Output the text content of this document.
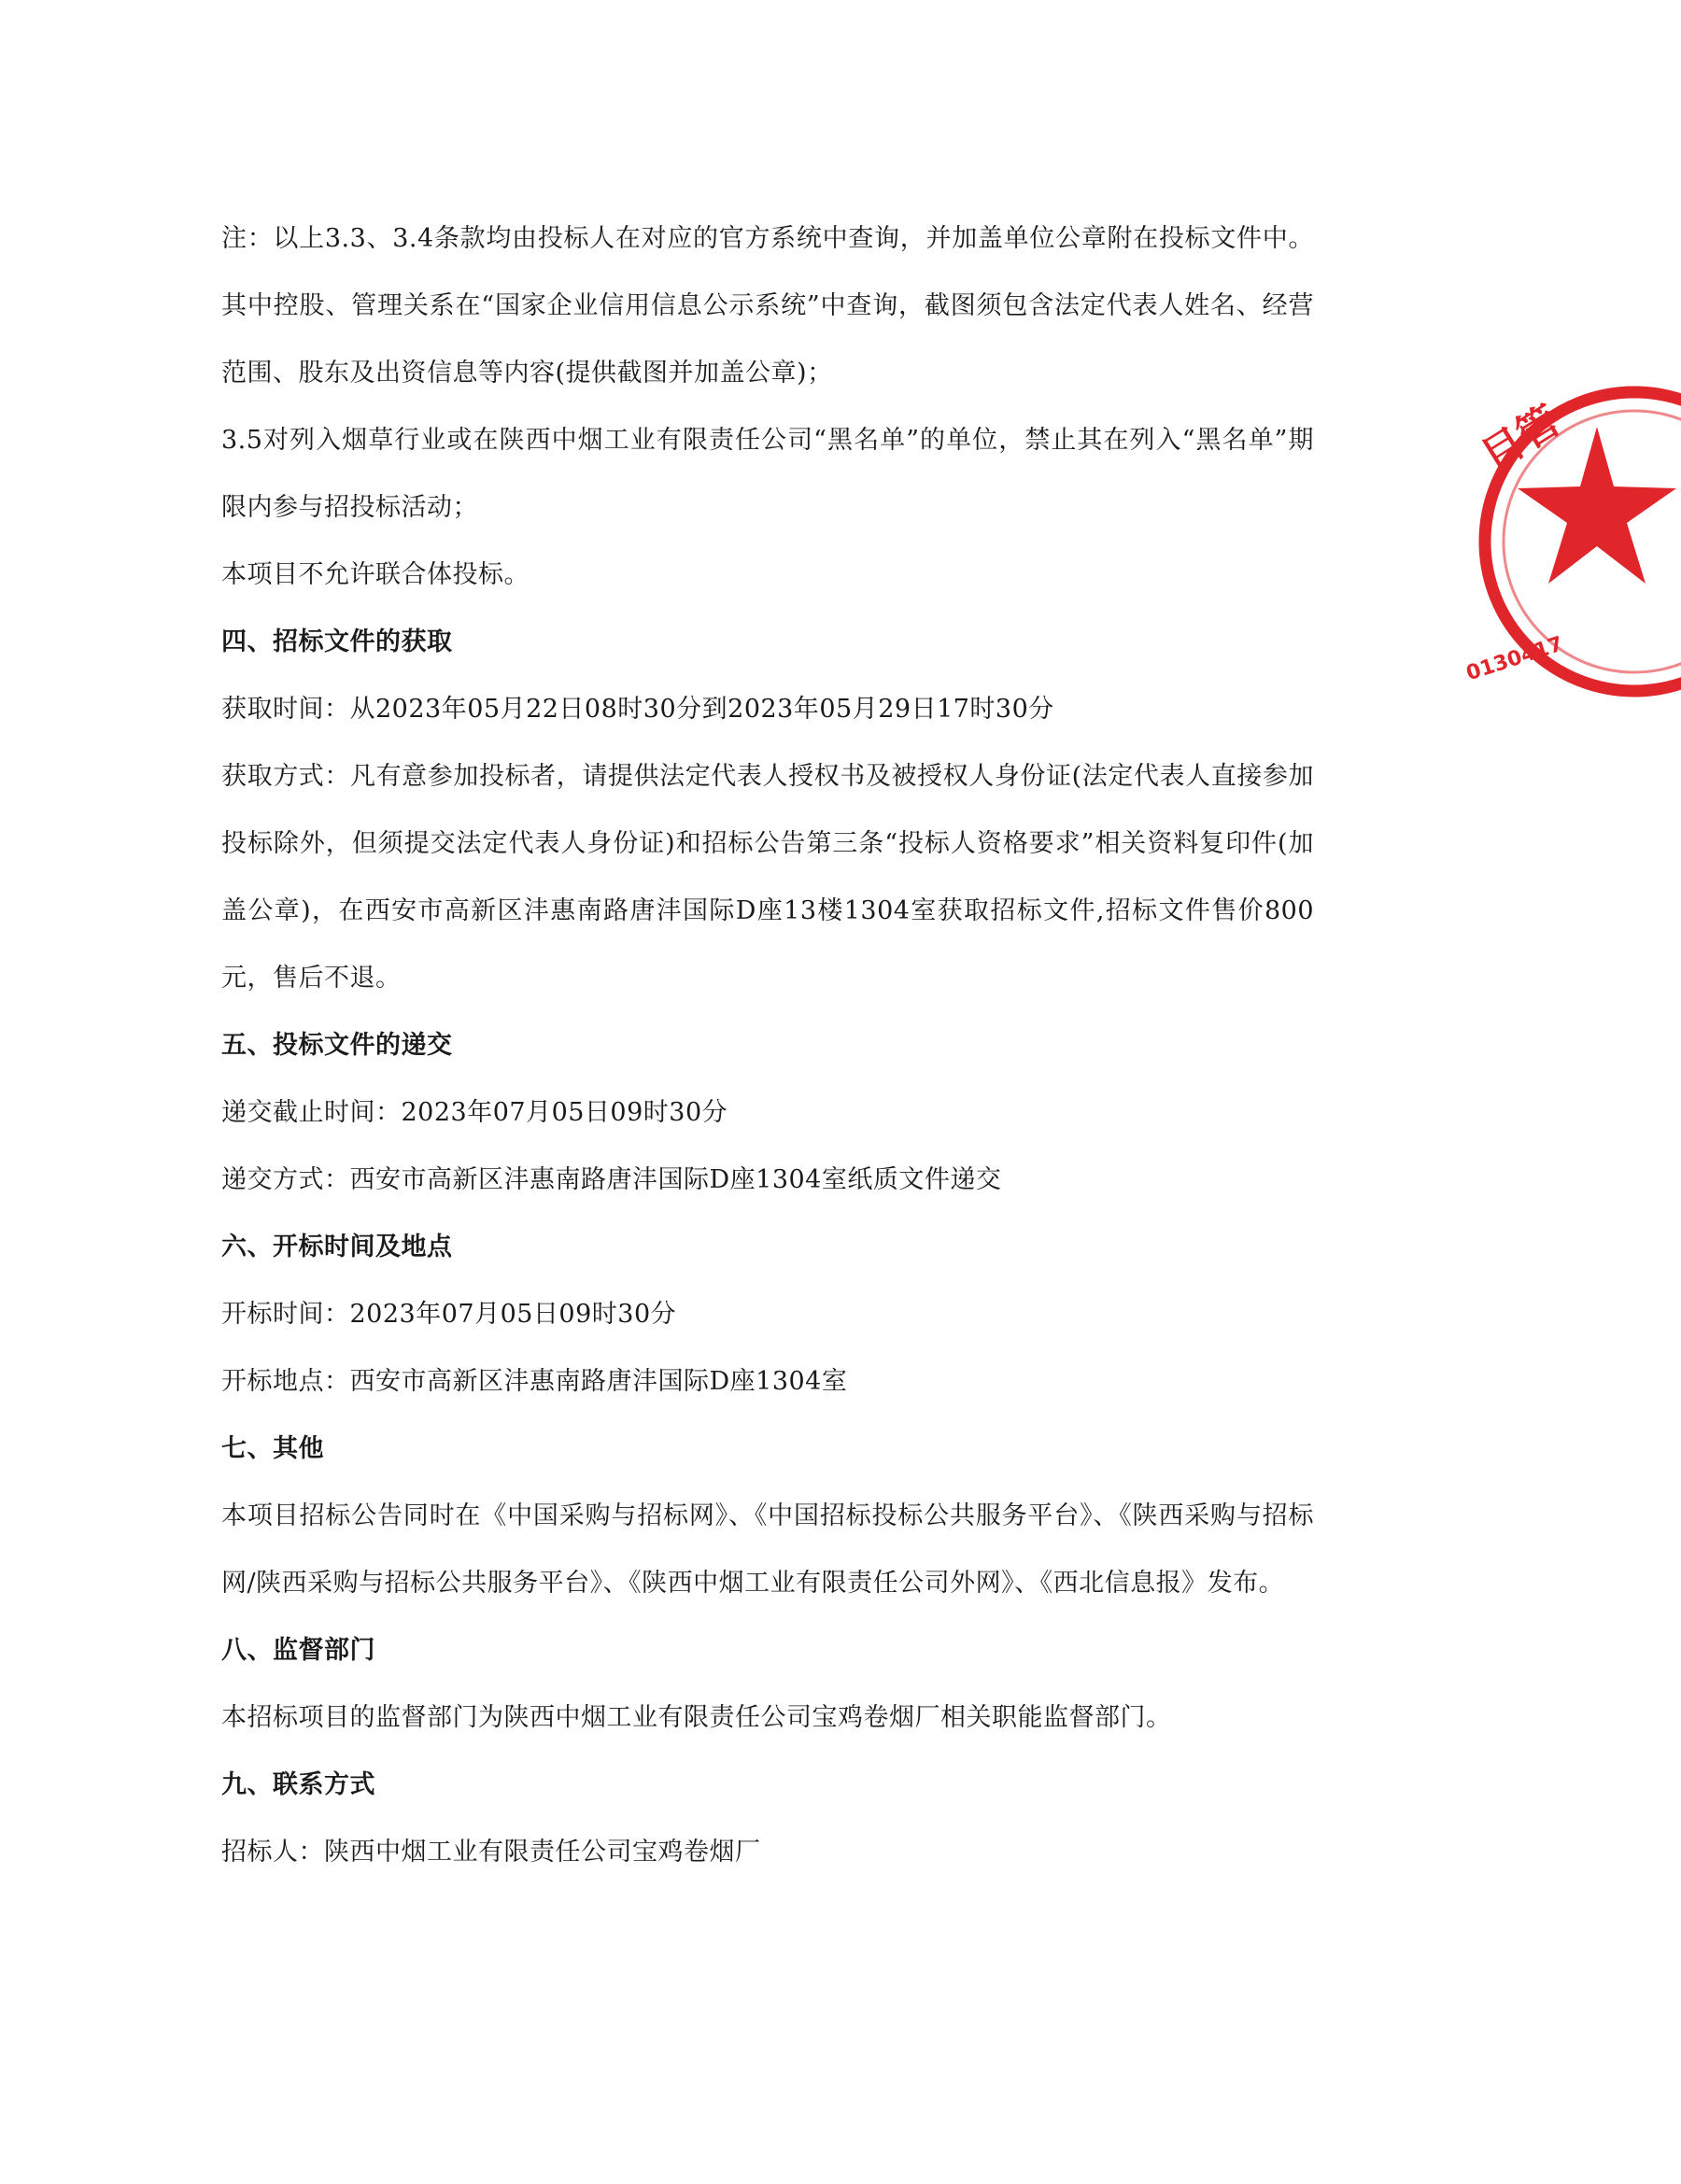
注：以上3.3、3.4条款均由投标人在对应的官方系统中查询，并加盖单位公章附在投标文件中。其中控股、管理关系在“国家企业信用信息公示系统”中查询，截图须包含法定代表人姓名、经营范围、股东及出资信息等内容(提供截图并加盖公章)；

3.5对列入烟草行业或在陕西中烟工业有限责任公司“黑名单”的单位，禁止其在列入“黑名单”期限内参与招投标活动；

本项目不允许联合体投标。

四、招标文件的获取

获取时间：从2023年05月22日08时30分到2023年05月29日17时30分

获取方式：凡有意参加投标者，请提供法定代表人授权书及被授权人身份证(法定代表人直接参加投标除外，但须提交法定代表人身份证)和招标公告第三条“投标人资格要求”相关资料复印件(加盖公章)，在西安市高新区沣惠南路唐沣国际D座13楼1304室获取招标文件,招标文件售价800元，售后不退。

五、投标文件的递交

递交截止时间：2023年07月05日09时30分

递交方式：西安市高新区沣惠南路唐沣国际D座1304室纸质文件递交

六、开标时间及地点

开标时间：2023年07月05日09时30分

开标地点：西安市高新区沣惠南路唐沣国际D座1304室

七、其他

本项目招标公告同时在《中国采购与招标网》、《中国招标投标公共服务平台》、《陕西采购与招标网/陕西采购与招标公共服务平台》、《陕西中烟工业有限责任公司外网》、《西北信息报》发布。

八、监督部门

本招标项目的监督部门为陕西中烟工业有限责任公司宝鸡卷烟厂相关职能监督部门。

九、联系方式

招标人：陕西中烟工业有限责任公司宝鸡卷烟厂

目管
0130417
